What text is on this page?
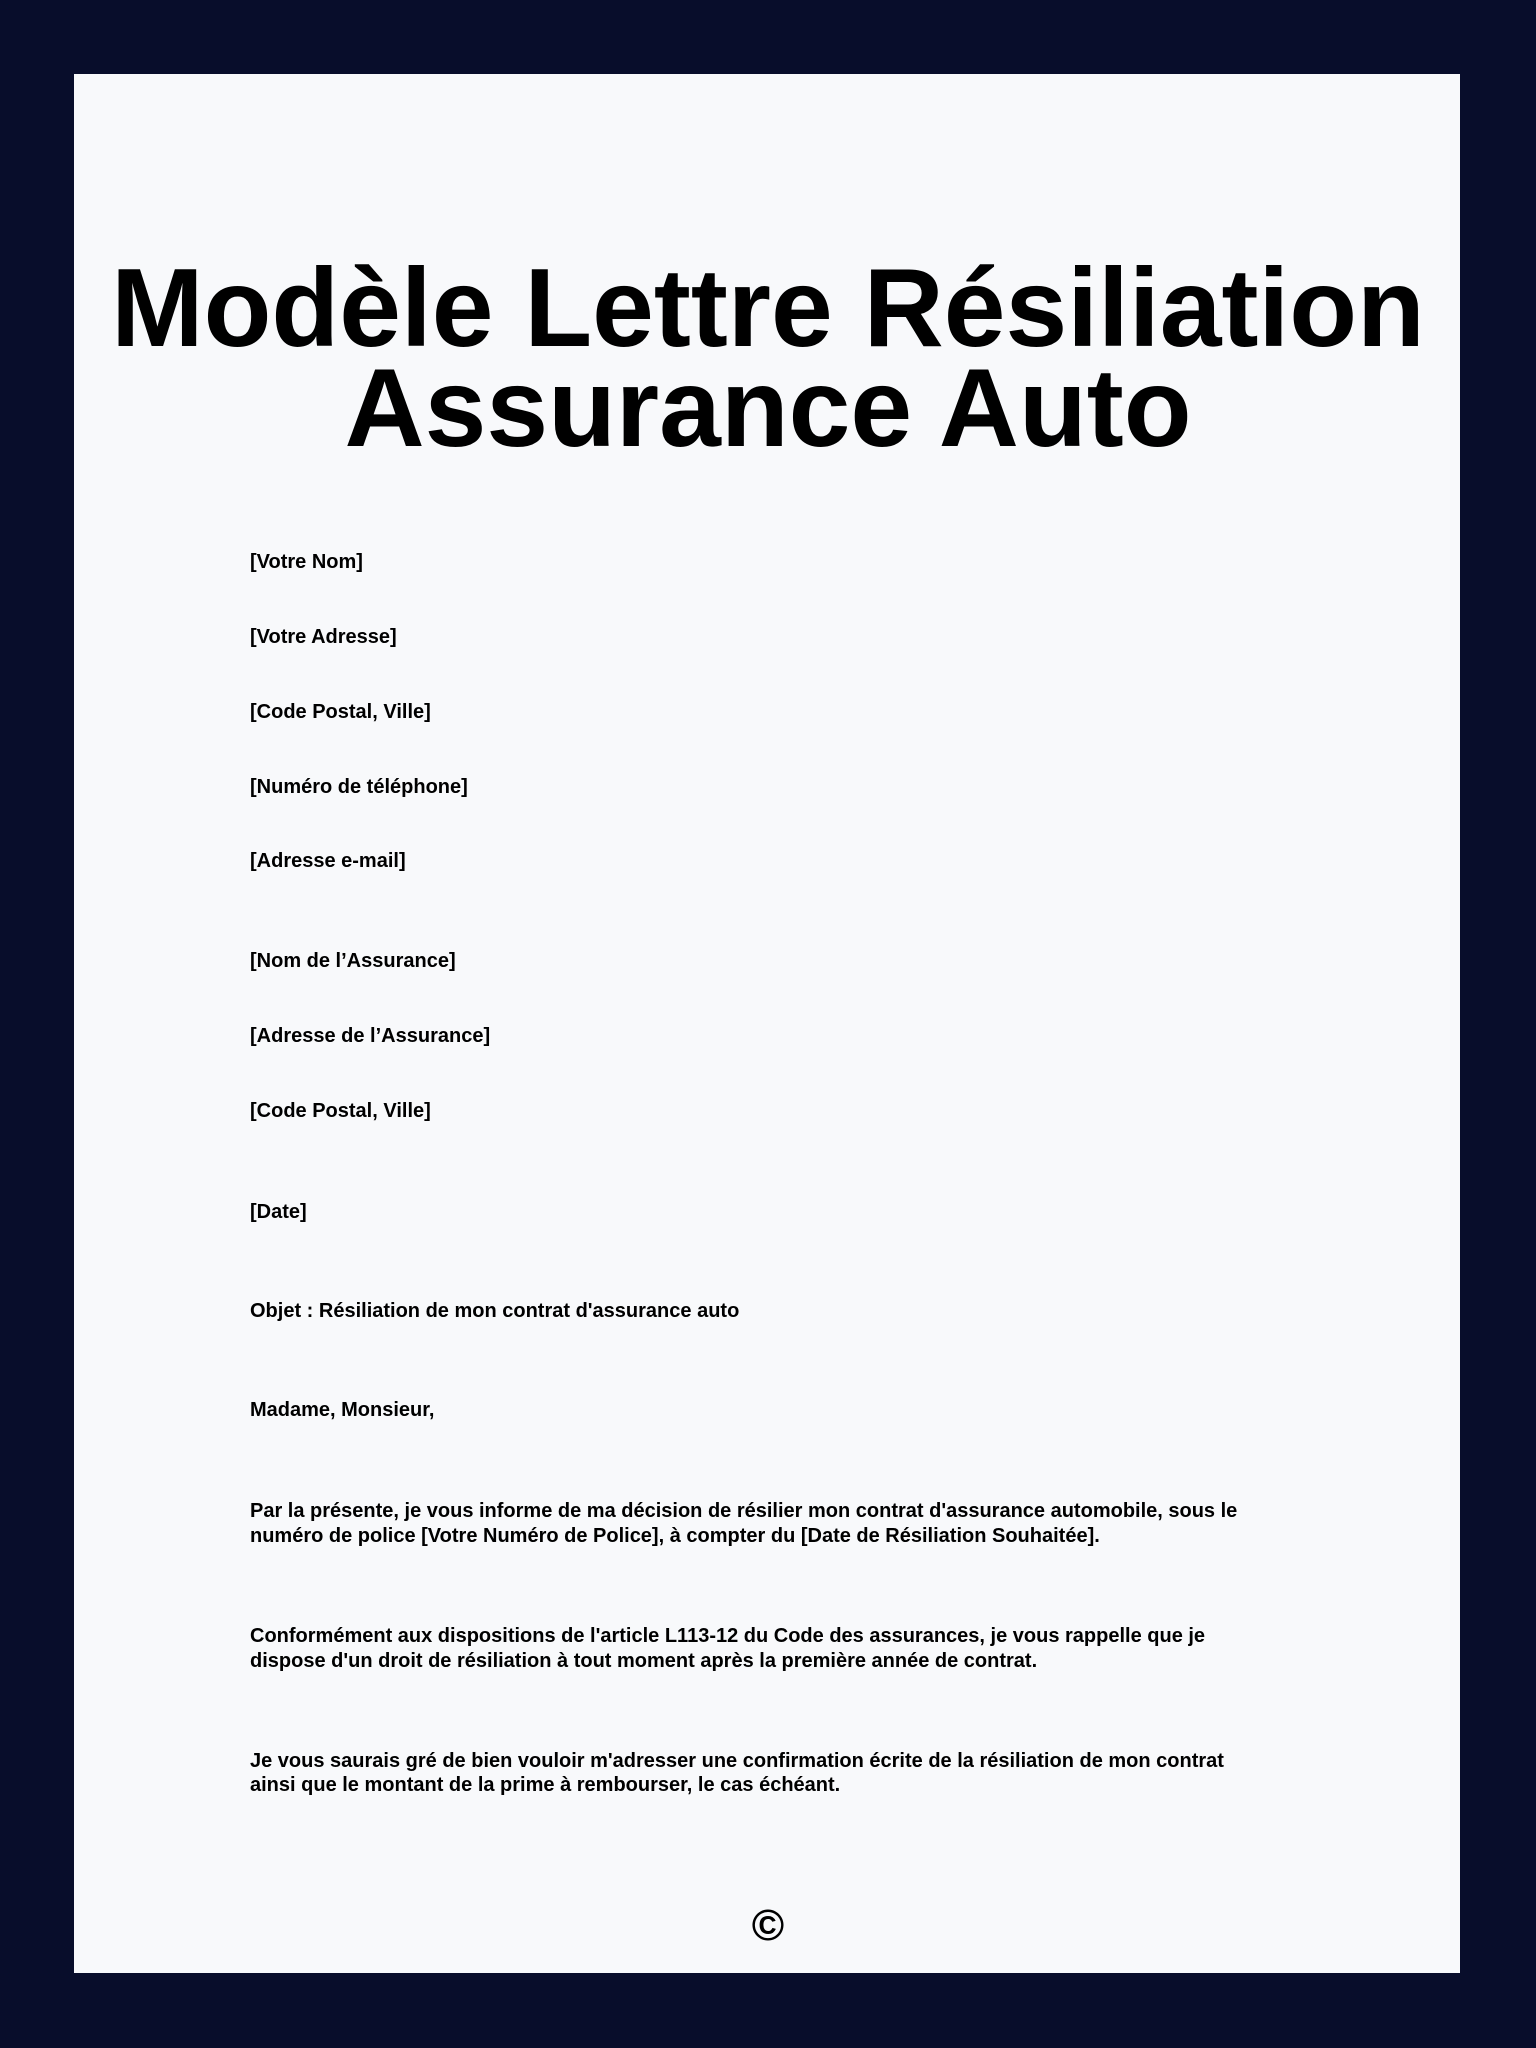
Modèle Lettre Résiliation
Assurance Auto
[Votre Nom]
[Votre Adresse]
[Code Postal, Ville]
[Numéro de téléphone]
[Adresse e-mail]
[Nom de l’Assurance]
[Adresse de l’Assurance]
[Code Postal, Ville]
[Date]
Objet : Résiliation de mon contrat d'assurance auto
Madame, Monsieur,
Par la présente, je vous informe de ma décision de résilier mon contrat d'assurance automobile, sous le
numéro de police [Votre Numéro de Police], à compter du [Date de Résiliation Souhaitée].
Conformément aux dispositions de l'article L113-12 du Code des assurances, je vous rappelle que je
dispose d'un droit de résiliation à tout moment après la première année de contrat.
Je vous saurais gré de bien vouloir m'adresser une confirmation écrite de la résiliation de mon contrat
ainsi que le montant de la prime à rembourser, le cas échéant.
©
